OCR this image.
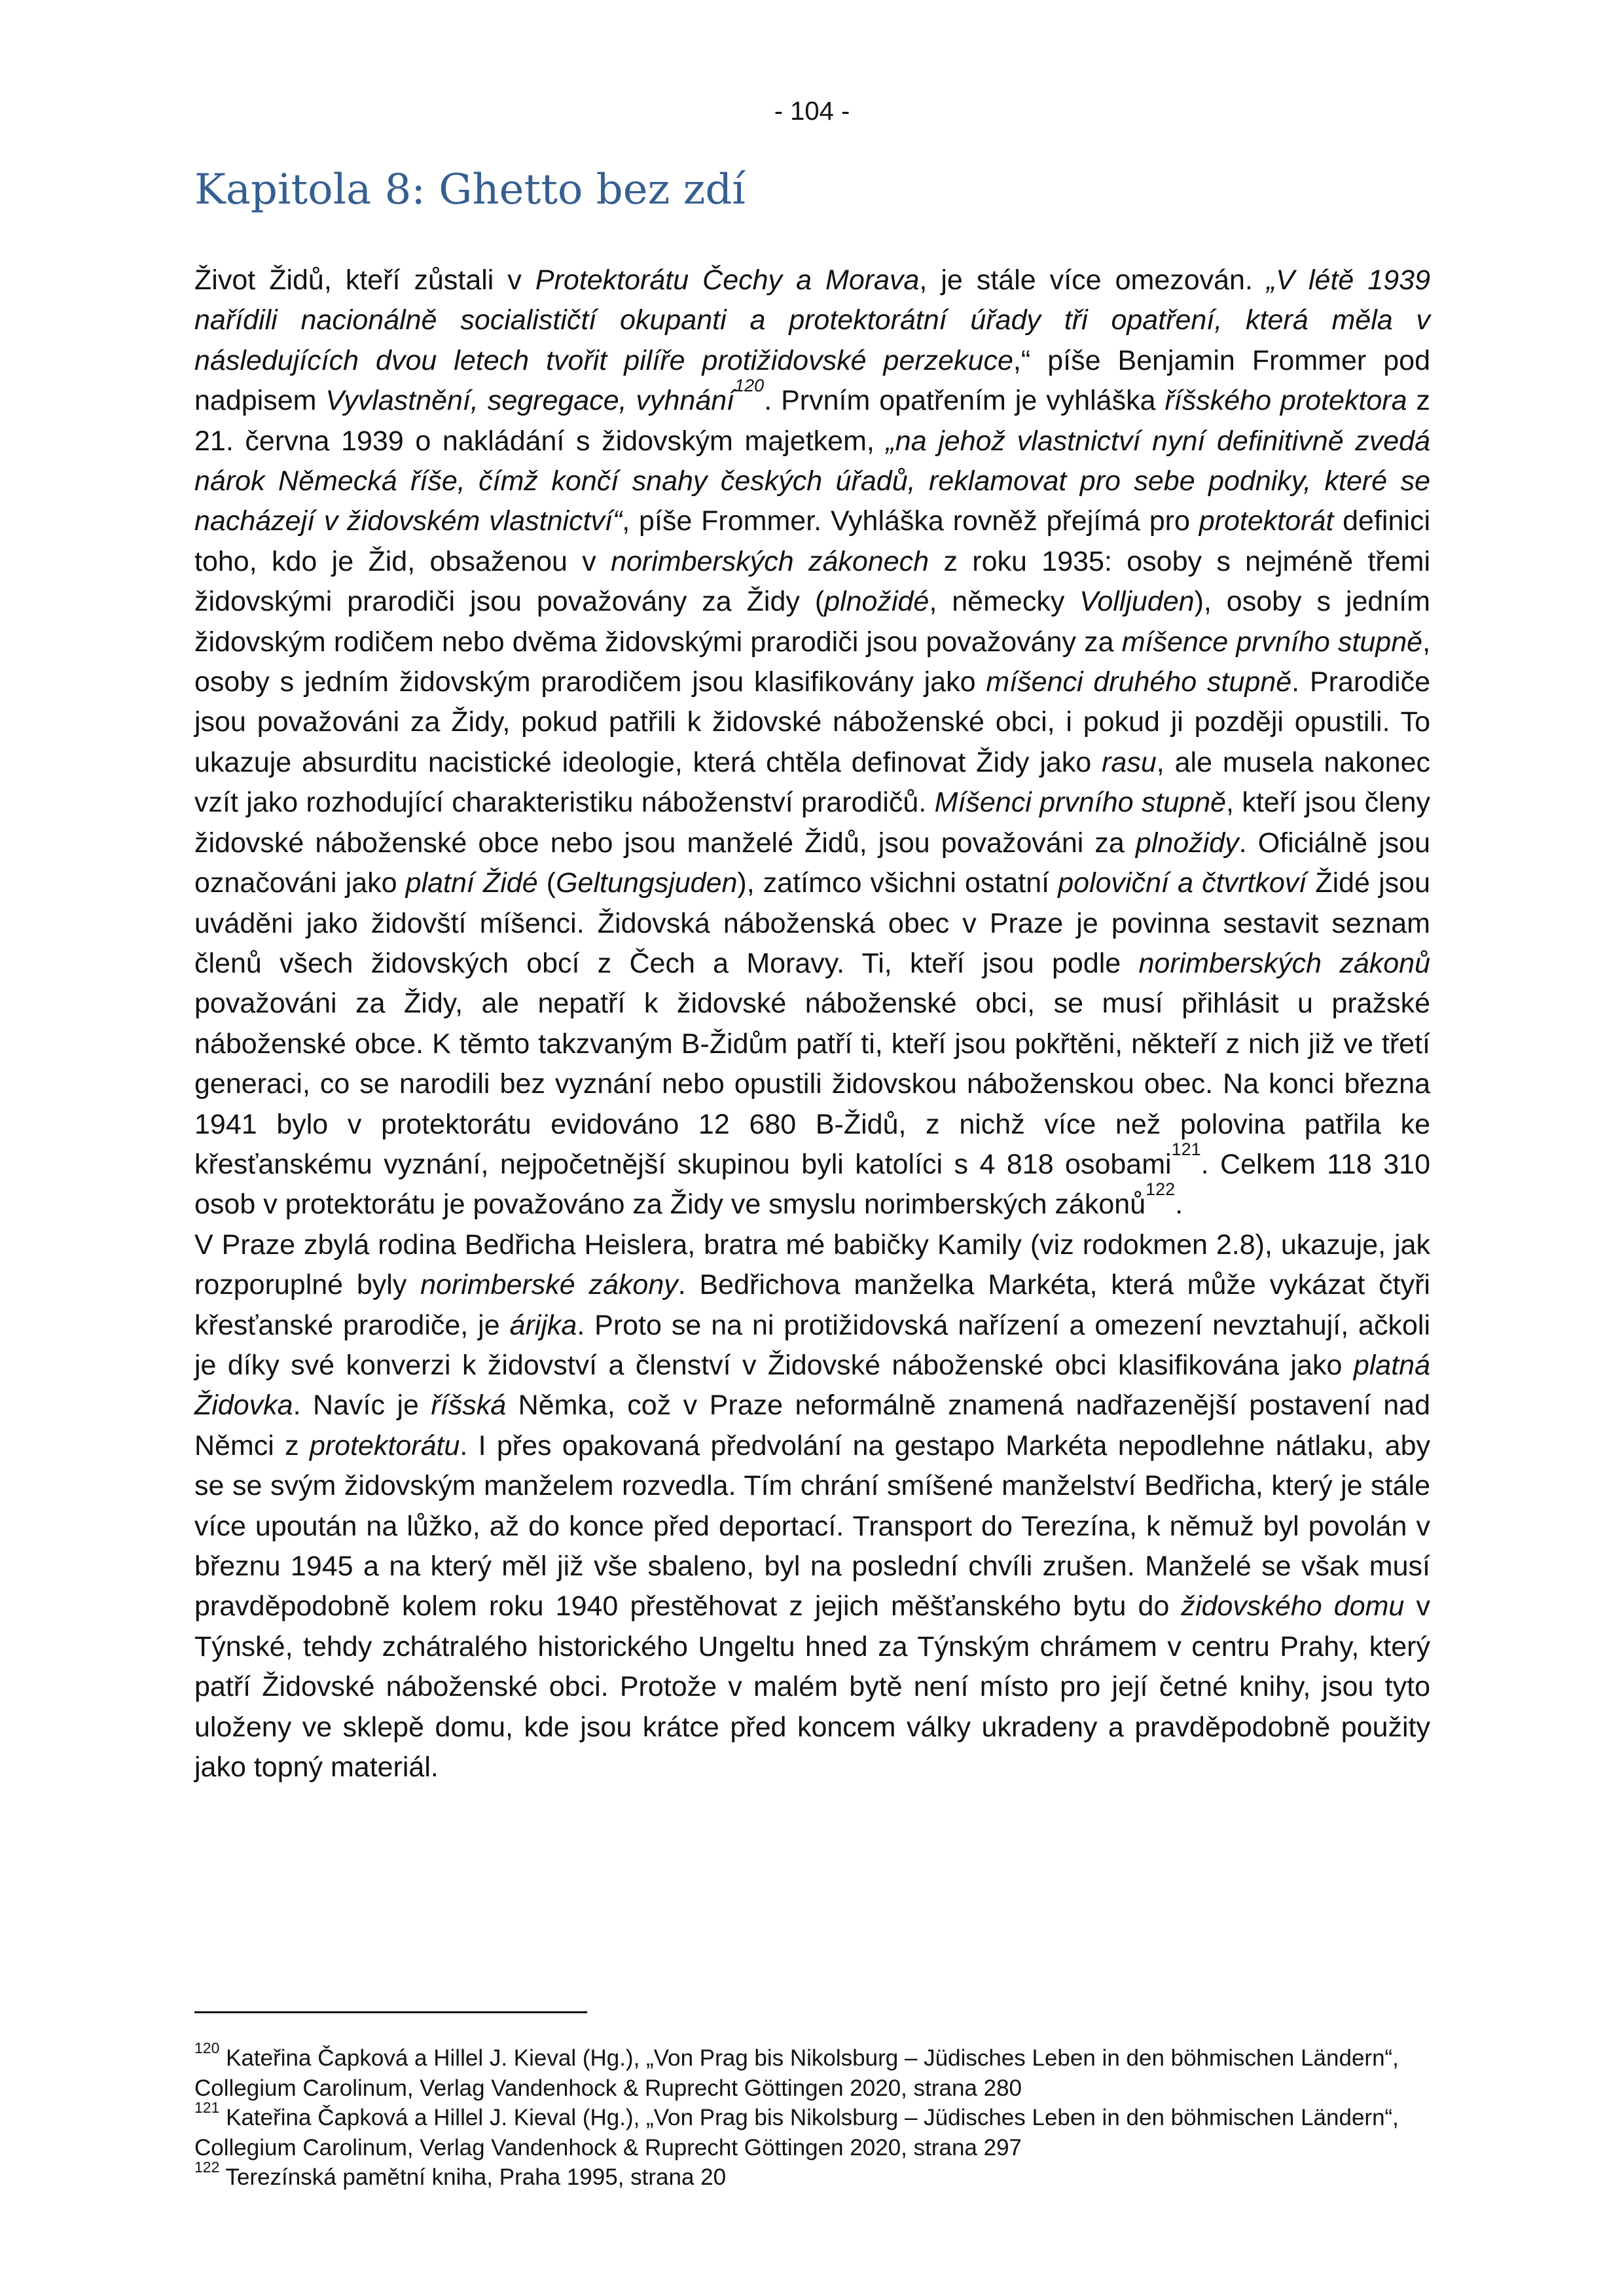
- 104 -
Kapitola 8: Ghetto bez zdí

Život Židů, kteří zůstali v Protektorátu Čechy a Morava, je stále více omezován. „V létě 1939 nařídili nacionálně socialističtí okupanti a protektorátní úřady tři opatření, která měla v následujících dvou letech tvořit pilíře protižidovské perzekuce,“ píše Benjamin Frommer pod nadpisem Vyvlastnění, segregace, vyhnání$^{120}$. Prvním opatřením je vyhláška říšského protektora z 21. června 1939 o nakládání s židovským majetkem, „na jehož vlastnictví nyní definitivně zvedá nárok Německá říše, čímž končí snahy českých úřadů, reklamovat pro sebe podniky, které se nacházejí v židovském vlastnictví“, píše Frommer. Vyhláška rovněž přejímá pro protektorát definici toho, kdo je Žid, obsaženou v norimberských zákonech z roku 1935: osoby s nejméně třemi židovskými prarodiči jsou považovány za Židy (plnožidé, německy Volljuden), osoby s jedním židovským rodičem nebo dvěma židovskými prarodiči jsou považovány za míšence prvního stupně, osoby s jedním židovským prarodičem jsou klasifikovány jako míšenci druhého stupně. Prarodiče jsou považováni za Židy, pokud patřili k židovské náboženské obci, i pokud ji později opustili. To ukazuje absurditu nacistické ideologie, která chtěla definovat Židy jako rasu, ale musela nakonec vzít jako rozhodující charakteristiku náboženství prarodičů. Míšenci prvního stupně, kteří jsou členy židovské náboženské obce nebo jsou manželé Židů, jsou považováni za plnožidy. Oficiálně jsou označováni jako platní Židé (Geltungsjuden), zatímco všichni ostatní poloviční a čtvrtkoví Židé jsou uváděni jako židovští míšenci. Židovská náboženská obec v Praze je povinna sestavit seznam členů všech židovských obcí z Čech a Moravy. Ti, kteří jsou podle norimberských zákonů považováni za Židy, ale nepatří k židovské náboženské obci, se musí přihlásit u pražské náboženské obce. K těmto takzvaným B-Židům patří ti, kteří jsou pokřtěni, někteří z nich již ve třetí generaci, co se narodili bez vyznání nebo opustili židovskou náboženskou obec. Na konci března 1941 bylo v protektorátu evidováno 12 680 B-Židů, z nichž více než polovina patřila ke křesťanskému vyznání, nejpočetnější skupinou byli katolíci s 4 818 osobami$^{121}$. Celkem 118 310 osob v protektorátu je považováno za Židy ve smyslu norimberských zákonů$^{122}$.

V Praze zbylá rodina Bedřicha Heislera, bratra mé babičky Kamily (viz rodokmen 2.8), ukazuje, jak rozporuplné byly norimberské zákony. Bedřichova manželka Markéta, která může vykázat čtyři křesťanské prarodiče, je árijka. Proto se na ni protižidovská nařízení a omezení nevztahují, ačkoli je díky své konverzi k židovství a členství v Židovské náboženské obci klasifikována jako platná Židovka. Navíc je říšská Němka, což v Praze neformálně znamená nadřazenější postavení nad Němci z protektorátu. I přes opakovaná předvolání na gestapo Markéta nepodlehne nátlaku, aby se se svým židovským manželem rozvedla. Tím chrání smíšené manželství Bedřicha, který je stále více upoután na lůžko, až do konce před deportací. Transport do Terezína, k němuž byl povolán v březnu 1945 a na který měl již vše sbaleno, byl na poslední chvíli zrušen. Manželé se však musí pravděpodobně kolem roku 1940 přestěhovat z jejich měšťanského bytu do židovského domu v Týnské, tehdy zchátralého historického Ungeltu hned za Týnským chrámem v centru Prahy, který patří Židovské náboženské obci. Protože v malém bytě není místo pro její četné knihy, jsou tyto uloženy ve sklepě domu, kde jsou krátce před koncem války ukradeny a pravděpodobně použity jako topný materiál.

$^{120}$ Kateřina Čapková a Hillel J. Kieval (Hg.), „Von Prag bis Nikolsburg – Jüdisches Leben in den böhmischen Ländern“, Collegium Carolinum, Verlag Vandenhock & Ruprecht Göttingen 2020, strana 280

$^{121}$ Kateřina Čapková a Hillel J. Kieval (Hg.), „Von Prag bis Nikolsburg – Jüdisches Leben in den böhmischen Ländern“, Collegium Carolinum, Verlag Vandenhock & Ruprecht Göttingen 2020, strana 297

$^{122}$ Terezínská pamětní kniha, Praha 1995, strana 20
